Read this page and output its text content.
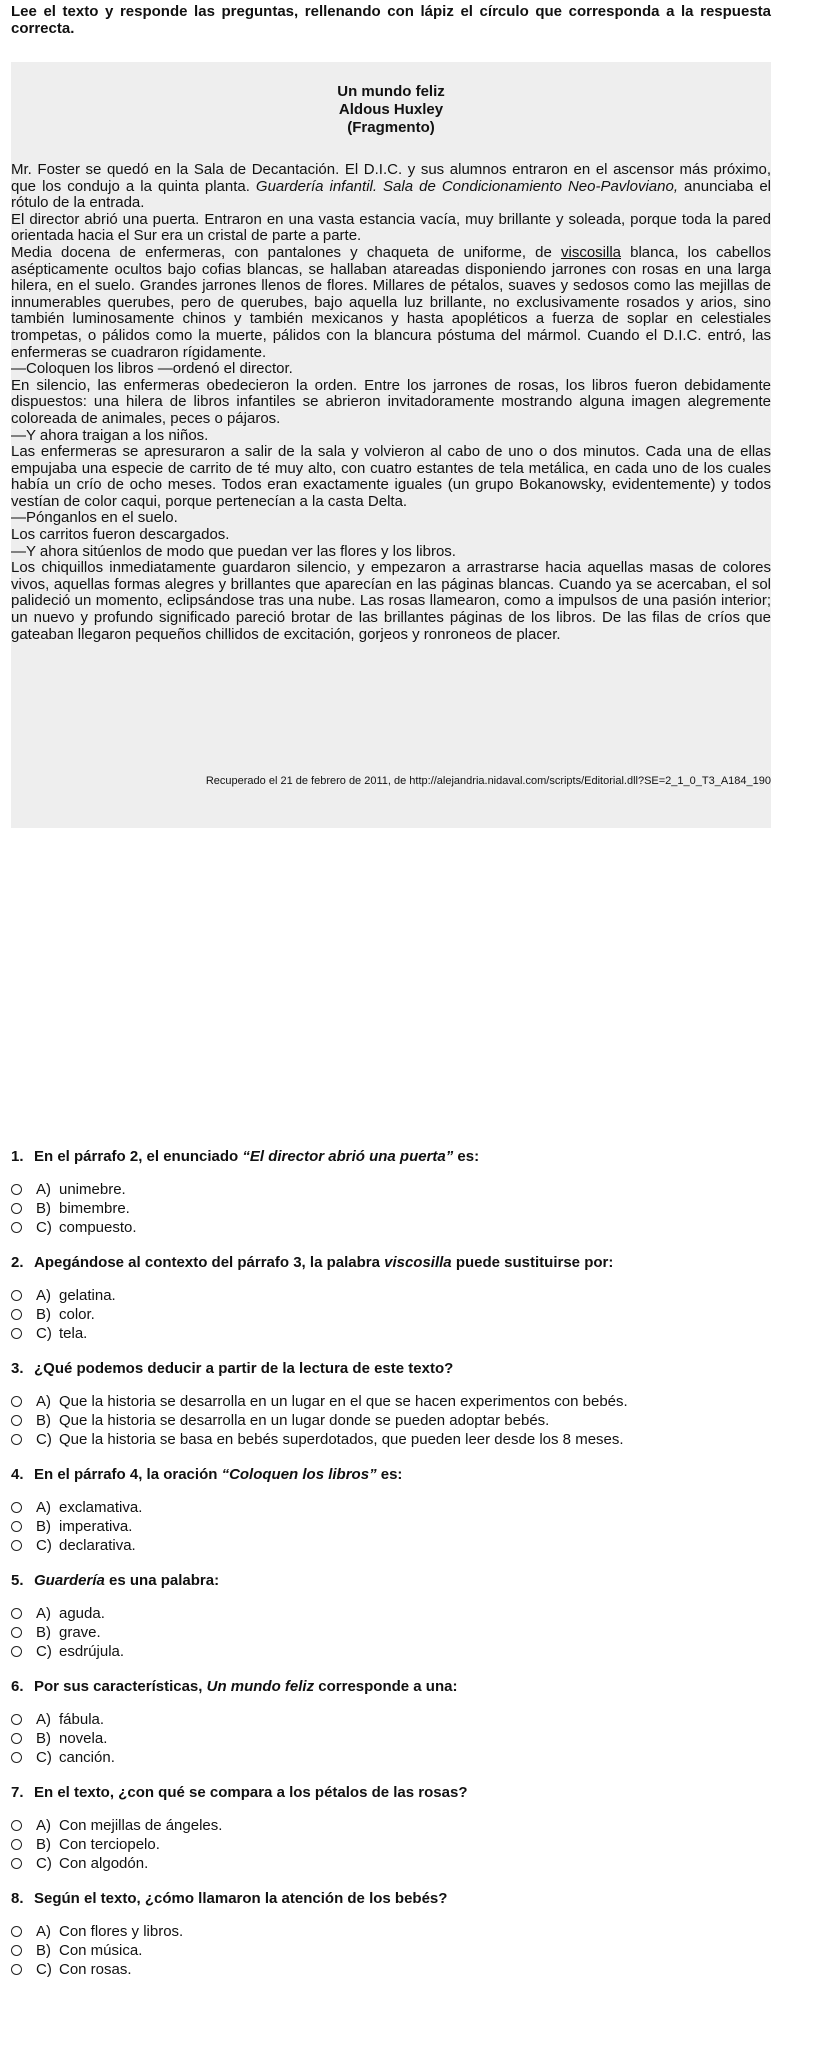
Lee el texto y responde las preguntas, rellenando con lápiz el círculo que corresponda a la respuesta correcta.
Un mundo feliz
Aldous Huxley
(Fragmento)

Mr. Foster se quedó en la Sala de Decantación. El D.I.C. y sus alumnos entraron en el ascensor más próximo, que los condujo a la quinta planta. Guardería infantil. Sala de Condicionamiento Neo-Pavloviano, anunciaba el rótulo de la entrada.

El director abrió una puerta. Entraron en una vasta estancia vacía, muy brillante y soleada, porque toda la pared orientada hacia el Sur era un cristal de parte a parte.

Media docena de enfermeras, con pantalones y chaqueta de uniforme, de viscosilla blanca, los cabellos asépticamente ocultos bajo cofias blancas, se hallaban atareadas disponiendo jarrones con rosas en una larga hilera, en el suelo. Grandes jarrones llenos de flores. Millares de pétalos, suaves y sedosos como las mejillas de innumerables querubes, pero de querubes, bajo aquella luz brillante, no exclusivamente rosados y arios, sino también luminosamente chinos y también mexicanos y hasta apopléticos a fuerza de soplar en celestiales trompetas, o pálidos como la muerte, pálidos con la blancura póstuma del mármol. Cuando el D.I.C. entró, las enfermeras se cuadraron rígidamente.

—Coloquen los libros —ordenó el director.

En silencio, las enfermeras obedecieron la orden. Entre los jarrones de rosas, los libros fueron debidamente dispuestos: una hilera de libros infantiles se abrieron invitadoramente mostrando alguna imagen alegremente coloreada de animales, peces o pájaros.

—Y ahora traigan a los niños.

Las enfermeras se apresuraron a salir de la sala y volvieron al cabo de uno o dos minutos. Cada una de ellas empujaba una especie de carrito de té muy alto, con cuatro estantes de tela metálica, en cada uno de los cuales había un crío de ocho meses. Todos eran exactamente iguales (un grupo Bokanowsky, evidentemente) y todos vestían de color caqui, porque pertenecían a la casta Delta.

—Pónganlos en el suelo.

Los carritos fueron descargados.

—Y ahora sitúenlos de modo que puedan ver las flores y los libros.

Los chiquillos inmediatamente guardaron silencio, y empezaron a arrastrarse hacia aquellas masas de colores vivos, aquellas formas alegres y brillantes que aparecían en las páginas blancas. Cuando ya se acercaban, el sol palideció un momento, eclipsándose tras una nube. Las rosas llamearon, como a impulsos de una pasión interior; un nuevo y profundo significado pareció brotar de las brillantes páginas de los libros. De las filas de críos que gateaban llegaron pequeños chillidos de excitación, gorjeos y ronroneos de placer.

Recuperado el 21 de febrero de 2011, de http://alejandria.nidaval.com/scripts/Editorial.dll?SE=2_1_0_T3_A184_190
1. En el párrafo 2, el enunciado “El director abrió una puerta” es:
A) unimebre.
B) bimembre.
C) compuesto.
2. Apegándose al contexto del párrafo 3, la palabra viscosilla puede sustituirse por:
A) gelatina.
B) color.
C) tela.
3. ¿Qué podemos deducir a partir de la lectura de este texto?
A) Que la historia se desarrolla en un lugar en el que se hacen experimentos con bebés.
B) Que la historia se desarrolla en un lugar donde se pueden adoptar bebés.
C) Que la historia se basa en bebés superdotados, que pueden leer desde los 8 meses.
4. En el párrafo 4, la oración “Coloquen los libros” es:
A) exclamativa.
B) imperativa.
C) declarativa.
5. Guardería es una palabra:
A) aguda.
B) grave.
C) esdrújula.
6. Por sus características, Un mundo feliz corresponde a una:
A) fábula.
B) novela.
C) canción.
7. En el texto, ¿con qué se compara a los pétalos de las rosas?
A) Con mejillas de ángeles.
B) Con terciopelo.
C) Con algodón.
8. Según el texto, ¿cómo llamaron la atención de los bebés?
A) Con flores y libros.
B) Con música.
C) Con rosas.
